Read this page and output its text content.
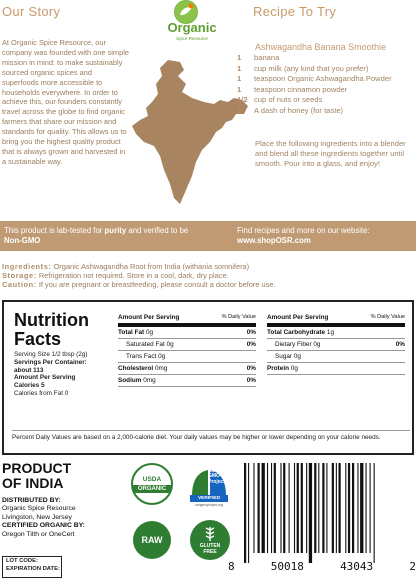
Our Story	Recipe To Try
Organic
Spice Resource
At Organic Spice Resource, our company was founded with one simple mission in mind: to make sustainably sourced organic spices and superfoods more accessible to households everywhere. In order to achieve this, our founders constantly travel across the globe to find organic farmers that share our mission and standards for quality. This allows us to bring you the highest quality product that is always grown and harvested in a sustainable way.
Ashwagandha Banana Smoothie
1	banana
1	cup milk (any kind that you prefer)
1	teaspoon Organic Ashwagandha Powder
1	teaspoon cinnamon powder
1/2 cup of nuts or seeds
1	A dash of honey (for taste)
Place the following ingredients into a blender and blend all these ingredients together until smooth. Pour into a glass, and enjoy!
This product is lab-tested for purity and verified to be Non-GMO
Find recipes and more on our website: www.shopOSR.com
Ingredients: Organic Ashwagandha Root from India (withania somnifera)
Storage: Refrigeration not required. Store in a cool, dark, dry place.
Caution: If you are pregnant or breastfeeding, please consult a doctor before use.
Nutrition
Facts
Serving Size 1/2 tbsp (2g)
Servings Per Container:
about 113
Amount Per Serving
Calories 5
Calories from Fat 0
Amount Per Serving	% Daily Value
Total Fat 0g	0%
Saturated Fat 0g	0%
Trans Fact 0g
Cholesterol 0mg	0%
Sodium 0mg	0%
Amount Per Serving	% Daily Value
Total Carbohydrate 1g
Dietary Fiber 0g	0%
Sugar 0g
Protein 0g
Percent Daily Values are based on a 2,000-calorie diet. Your daily values may be higher or lower depending on your calorie needs.
PRODUCT
OF INDIA
DISTRIBUTED BY:
Organic Spice Resource
Livingston, New Jersey
CERTIFIED ORGANIC BY:
Oregon Tilth or OneCert
LOT CODE:
EXPIRATION DATE:
USDA
ORGANIC
NON
GMO
Project
VERIFIED
nongmoproject.org
RAW
GLUTEN
FREE
8	50018	43043	2
